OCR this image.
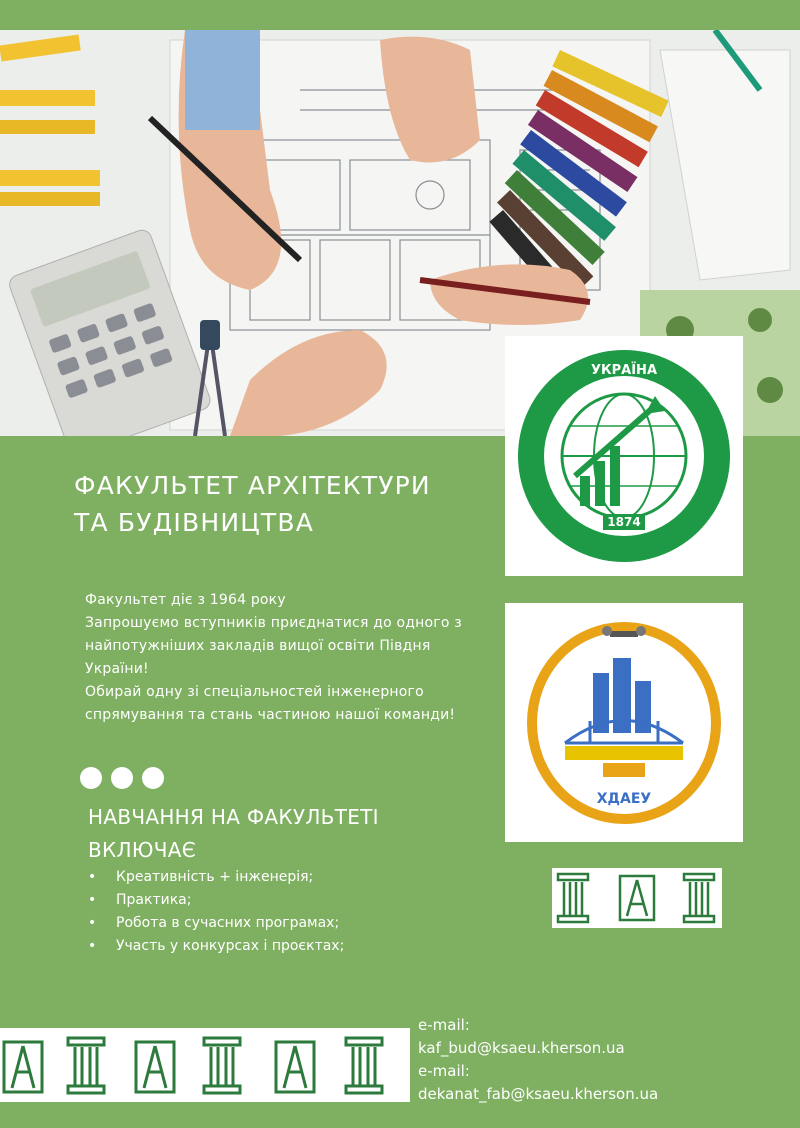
УКРАЇНА
1874
ХДАЕУ
ФАКУЛЬТЕТ АРХІТЕКТУРИ
ТА БУДІВНИЦТВА
Факультет діє з 1964 року
Запрошуємо вступників приєднатися до одного з
найпотужніших закладів вищої освіти Півдня
України!
Обирай одну зі спеціальностей інженерного
спрямування та стань частиною нашої команди!
НАВЧАННЯ НА ФАКУЛЬТЕТІ
ВКЛЮЧАЄ
• Креативність + інженерія;
• Практика;
• Робота в сучасних програмах;
• Участь у конкурсах і проєктах;
e-mail:
kaf_bud@ksaeu.kherson.ua
e-mail:
dekanat_fab@ksaeu.kherson.ua
